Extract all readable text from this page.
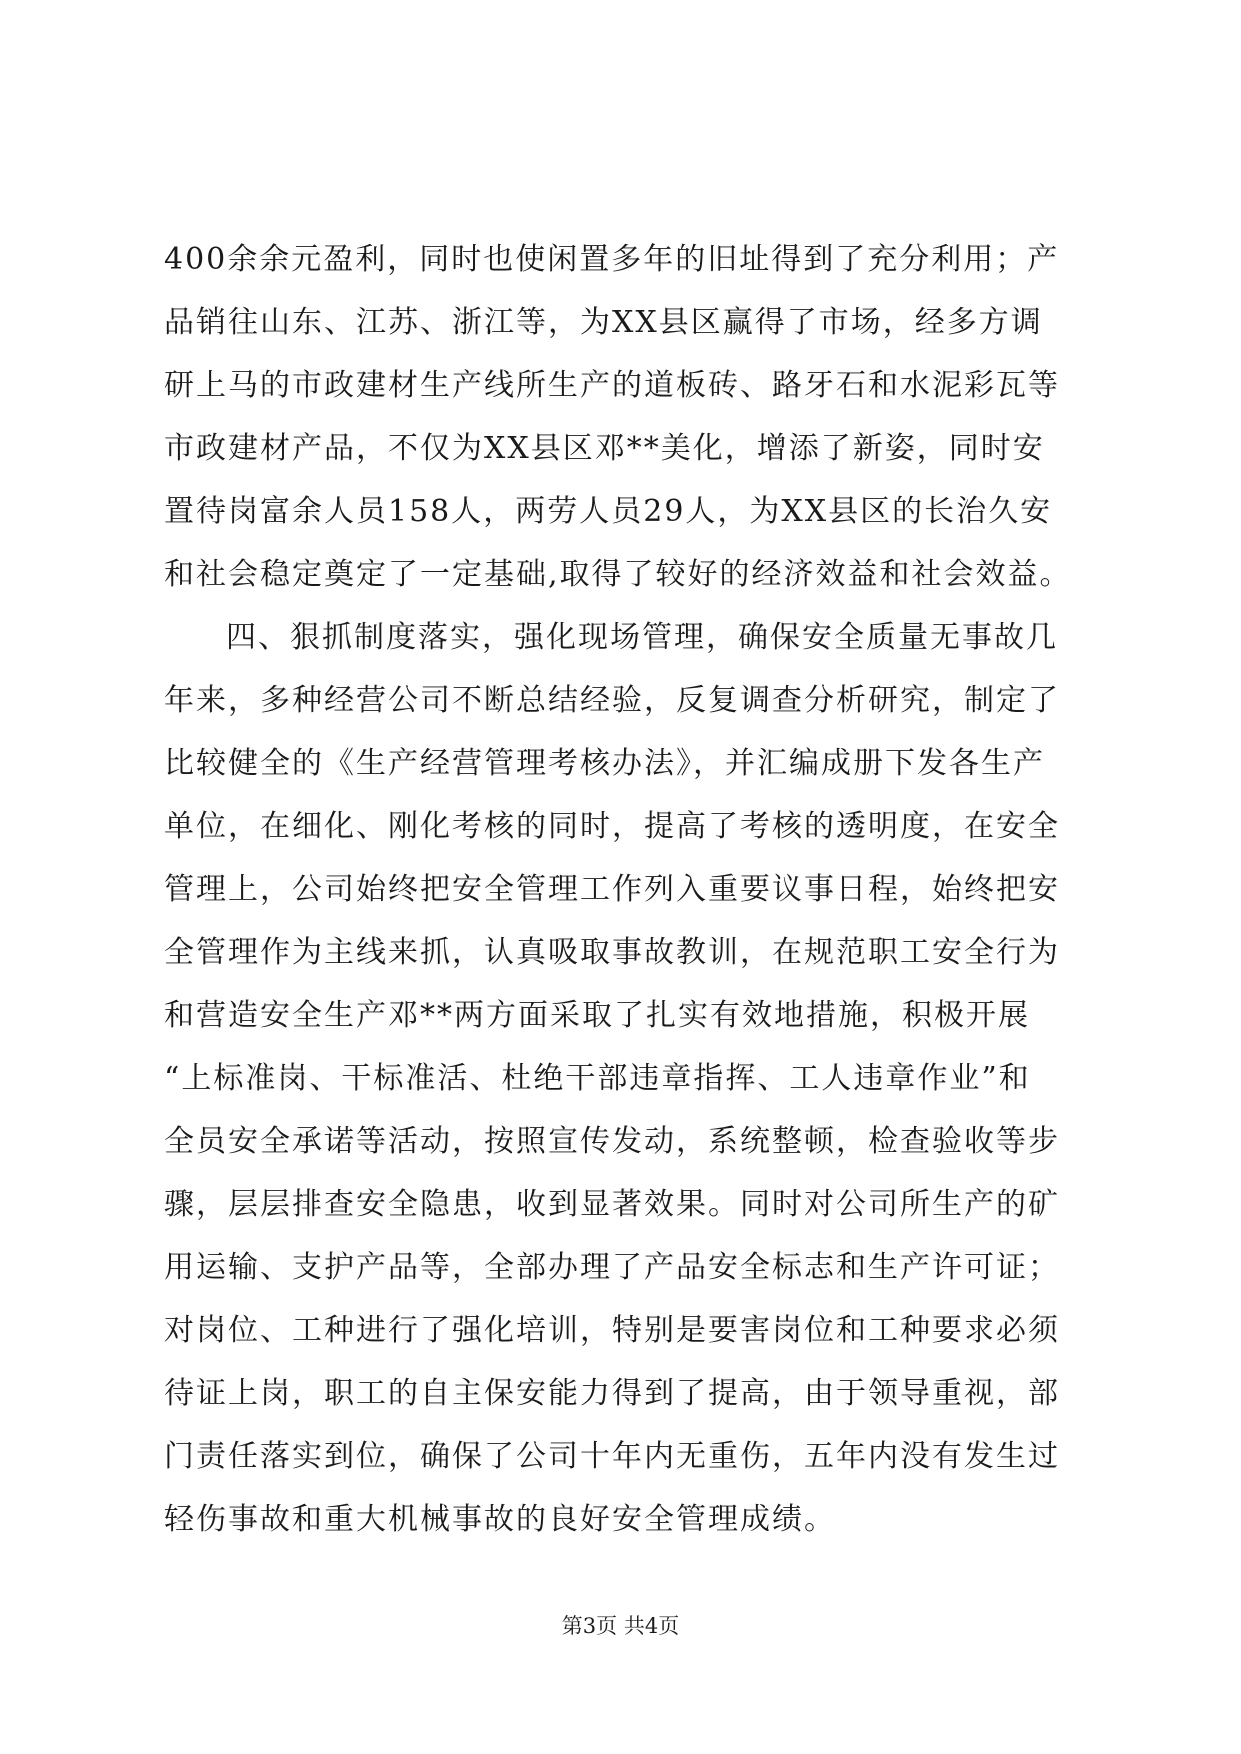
400余余元盈利，同时也使闲置多年的旧址得到了充分利用；产
品销往山东、江苏、浙江等，为XX县区赢得了市场，经多方调
研上马的市政建材生产线所生产的道板砖、路牙石和水泥彩瓦等
市政建材产品，不仅为XX县区邓**美化，增添了新姿，同时安
置待岗富余人员158人，两劳人员29人，为XX县区的长治久安
和社会稳定奠定了一定基础,取得了较好的经济效益和社会效益。
四、狠抓制度落实，强化现场管理，确保安全质量无事故几
年来，多种经营公司不断总结经验，反复调查分析研究，制定了
比较健全的《生产经营管理考核办法》，并汇编成册下发各生产
单位，在细化、刚化考核的同时，提高了考核的透明度，在安全
管理上，公司始终把安全管理工作列入重要议事日程，始终把安
全管理作为主线来抓，认真吸取事故教训，在规范职工安全行为
和营造安全生产邓**两方面采取了扎实有效地措施，积极开展
“上标准岗、干标准活、杜绝干部违章指挥、工人违章作业”和
全员安全承诺等活动，按照宣传发动，系统整顿，检查验收等步
骤，层层排查安全隐患，收到显著效果。同时对公司所生产的矿
用运输、支护产品等，全部办理了产品安全标志和生产许可证；
对岗位、工种进行了强化培训，特别是要害岗位和工种要求必须
待证上岗，职工的自主保安能力得到了提高，由于领导重视，部
门责任落实到位，确保了公司十年内无重伤，五年内没有发生过
轻伤事故和重大机械事故的良好安全管理成绩。
第3页 共4页
